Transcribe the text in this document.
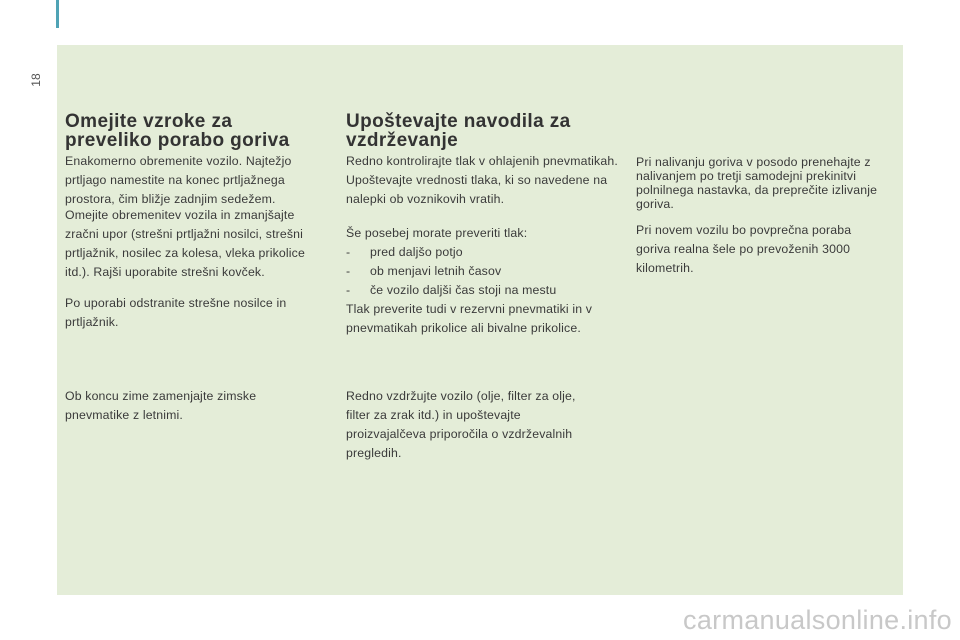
18
Omejite vzroke za preveliko porabo goriva

Enakomerno obremenite vozilo. Najtežjo prtljago namestite na konec prtljažnega prostora, čim bližje zadnjim sedežem.

Omejite obremenitev vozila in zmanjšajte zračni upor (strešni prtljažni nosilci, strešni prtljažnik, nosilec za kolesa, vleka prikolice itd.). Rajši uporabite strešni kovček.

Po uporabi odstranite strešne nosilce in prtljažnik.

Ob koncu zime zamenjajte zimske pnevmatike z letnimi.

Upoštevajte navodila za vzdrževanje

Redno kontrolirajte tlak v ohlajenih pnevmatikah. Upoštevajte vrednosti tlaka, ki so navedene na nalepki ob voznikovih vratih.

Še posebej morate preveriti tlak:

-	pred daljšo potjo

-	ob menjavi letnih časov

-	če vozilo daljši čas stoji na mestu

Tlak preverite tudi v rezervni pnevmatiki in v pnevmatikah prikolice ali bivalne prikolice.

Redno vzdržujte vozilo (olje, filter za olje, filter za zrak itd.) in upoštevajte proizvajalčeva priporočila o vzdrževalnih pregledih.

Pri nalivanju goriva v posodo prenehajte z nalivanjem po tretji samodejni prekinitvi polnilnega nastavka, da preprečite izlivanje goriva.

Pri novem vozilu bo povprečna poraba goriva realna šele po prevoženih 3000 kilometrih.

carmanualsonline.info
